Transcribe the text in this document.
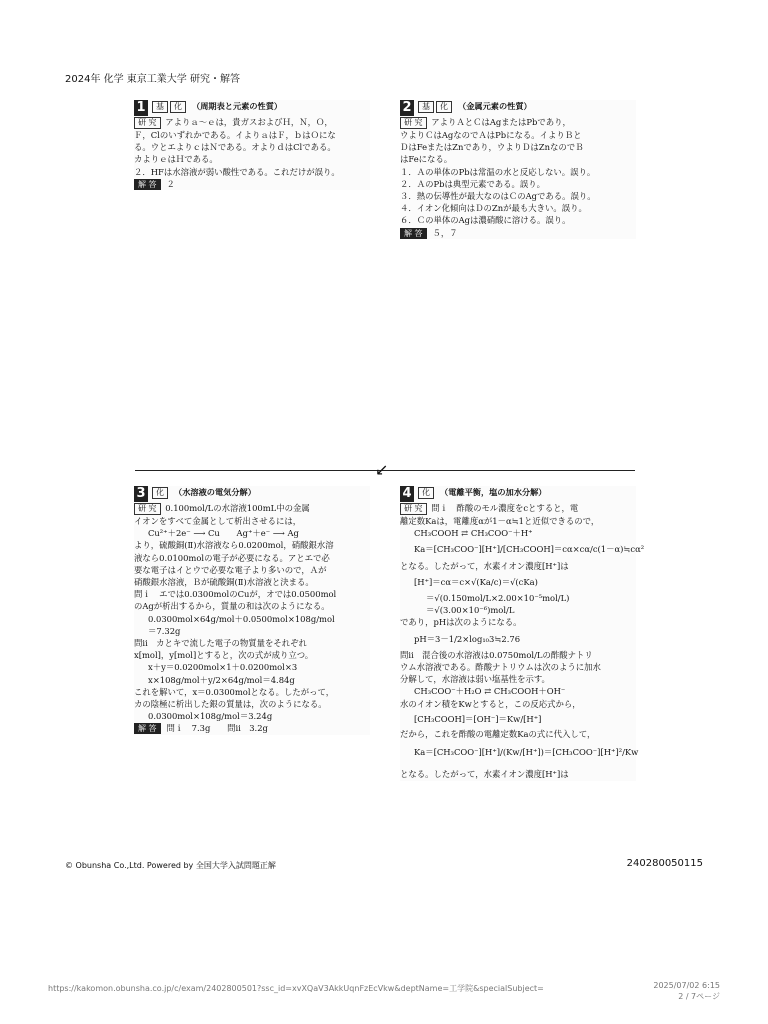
2024年 化学 東京工業大学 研究・解答
1 基 化 （周期表と元素の性質）
研 究 アよりａ～ｅは，貴ガスおよびＨ，Ｎ，Ｏ，
Ｆ，Clのいずれかである。イよりａはＦ，ｂはＯにな
る。ウとエよりｃはＮである。オよりｄはClである。
カよりｅはＨである。
２．HFは水溶液が弱い酸性である。これだけが誤り。
解 答 ２
2 基 化 （金属元素の性質）
研 究 アよりＡとＣはAgまたはPbであり，
ウよりＣはAgなのでＡはPbになる。イよりＢと
ＤはFeまたはZnであり，ウよりＤはZnなのでＢ
はFeになる。
１．Ａの単体のPbは常温の水と反応しない。誤り。
２．ＡのPbは典型元素である。誤り。
３．熱の伝導性が最大なのはＣのAgである。誤り。
４．イオン化傾向はＤのZnが最も大きい。誤り。
６．Ｃの単体のAgは濃硝酸に溶ける。誤り。
解 答 ５，７
↙
3 化 （水溶液の電気分解）
研 究 0.100mol/Lの水溶液100mL中の金属
イオンをすべて金属として析出させるには，
Cu²⁺＋2e⁻ ⟶ Cu　　Ag⁺＋e⁻ ⟶ Ag
より，硫酸銅(Ⅱ)水溶液なら0.0200mol，硝酸銀水溶
液なら0.0100molの電子が必要になる。アとエで必
要な電子はイとウで必要な電子より多いので，Ａが
硝酸銀水溶液，Ｂが硫酸銅(Ⅱ)水溶液と決まる。
問ｉ　エでは0.0300molのCuが，オでは0.0500mol
のAgが析出するから，質量の和は次のようになる。
0.0300mol×64g/mol＋0.0500mol×108g/mol
＝7.32g
問ⅱ　カとキで流した電子の物質量をそれぞれ
x[mol]，y[mol]とすると，次の式が成り立つ。
x＋y＝0.0200mol×1＋0.0200mol×3
x×108g/mol＋y/2×64g/mol＝4.84g
これを解いて，x＝0.0300molとなる。したがって，
カの陰極に析出した銀の質量は，次のようになる。
0.0300mol×108g/mol＝3.24g
解 答 問ｉ　7.3g　　問ⅱ　3.2g
4 化 （電離平衡，塩の加水分解）
研 究 問ｉ　酢酸のモル濃度をcとすると，電
離定数Kaは，電離度αが1－α≒1と近似できるので，
CH₃COOH ⇄ CH₃COO⁻＋H⁺
Ka＝[CH₃COO⁻][H⁺]/[CH₃COOH]＝cα×cα/c(1－α)≒cα²
となる。したがって，水素イオン濃度[H⁺]は
[H⁺]＝cα＝c×√(Ka/c)＝√(cKa)
＝√(0.150mol/L×2.00×10⁻⁵mol/L)
＝√(3.00×10⁻⁶)mol/L
であり，pHは次のようになる。
pH＝3－1/2×log₁₀3≒2.76
問ⅱ　混合後の水溶液は0.0750mol/Lの酢酸ナトリ
ウム水溶液である。酢酸ナトリウムは次のように加水
分解して，水溶液は弱い塩基性を示す。
CH₃COO⁻＋H₂O ⇄ CH₃COOH＋OH⁻
水のイオン積をKwとすると，この反応式から，
[CH₃COOH]＝[OH⁻]＝Kw/[H⁺]
だから，これを酢酸の電離定数Kaの式に代入して，
Ka＝[CH₃COO⁻][H⁺]/(Kw/[H⁺])＝[CH₃COO⁻][H⁺]²/Kw
となる。したがって，水素イオン濃度[H⁺]は
© Obunsha Co.,Ltd. Powered by 全国大学入試問題正解	240280050115
https://kakomon.obunsha.co.jp/c/exam/2402800501?ssc_id=xvXQaV3AkkUqnFzEcVkw&deptName=工学院&specialSubject=	2025/07/02 6:15
2 / 7ページ
